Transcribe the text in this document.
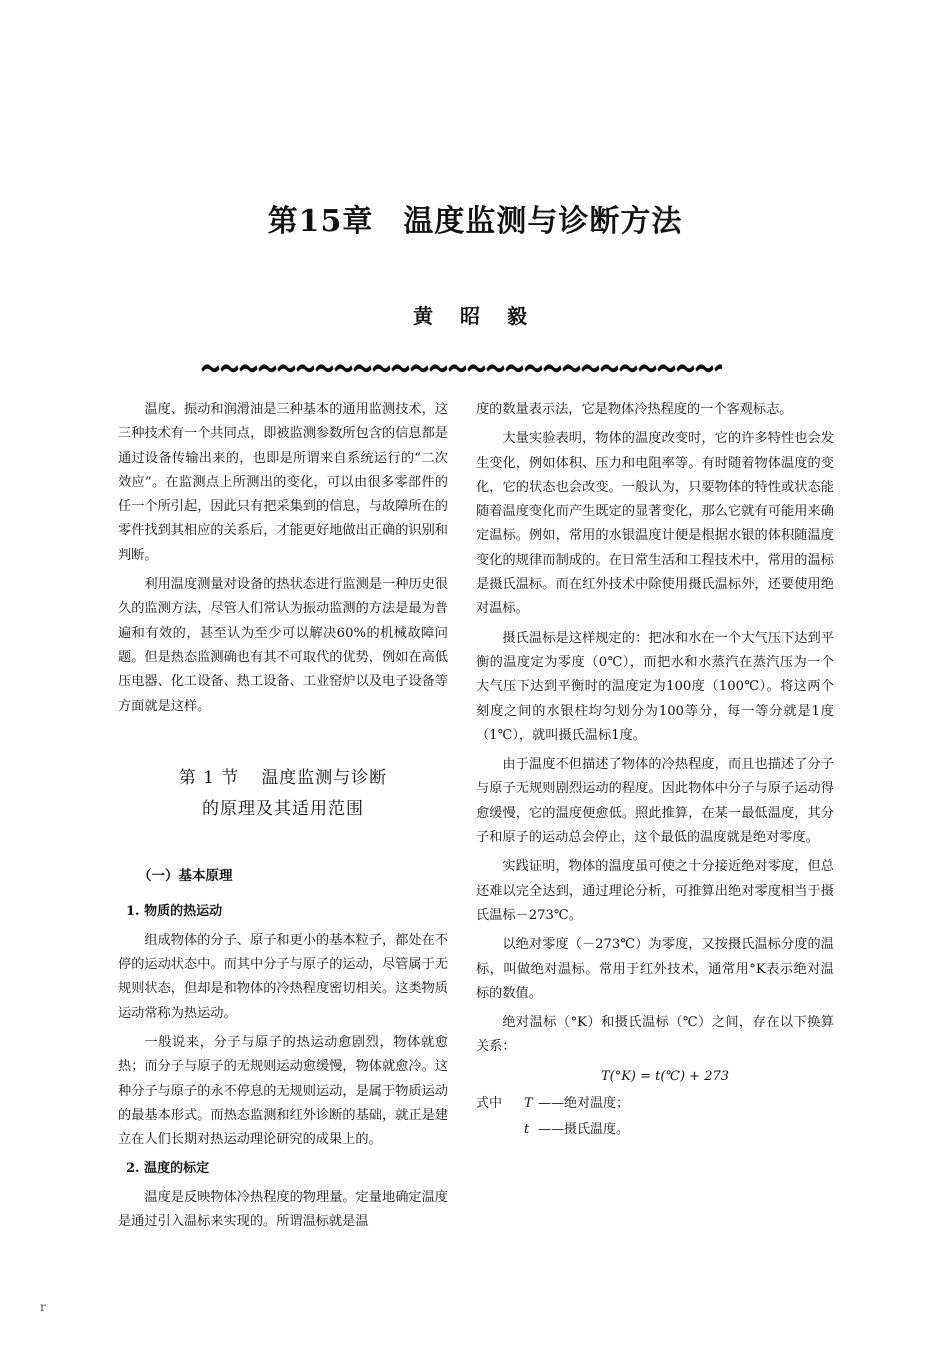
第15章 温度监测与诊断方法
黄 昭 毅

温度、振动和润滑油是三种基本的通用监测技术，这三种技术有一个共同点，即被监测参数所包含的信息都是通过设备传输出来的，也即是所谓来自系统运行的“二次效应”。在监测点上所测出的变化，可以由很多零部件的任一个所引起，因此只有把采集到的信息，与故障所在的零件找到其相应的关系后，才能更好地做出正确的识别和判断。

利用温度测量对设备的热状态进行监测是一种历史很久的监测方法，尽管人们常认为振动监测的方法是最为普遍和有效的，甚至认为至少可以解决60%的机械故障问题。但是热态监测确也有其不可取代的优势，例如在高低压电器、化工设备、热工设备、工业窑炉以及电子设备等方面就是这样。

第 1 节 温度监测与诊断
的原理及其适用范围
（一）基本原理
1. 物质的热运动

组成物体的分子、原子和更小的基本粒子，都处在不停的运动状态中。而其中分子与原子的运动，尽管属于无规则状态，但却是和物体的冷热程度密切相关。这类物质运动常称为热运动。

一般说来，分子与原子的热运动愈剧烈，物体就愈热；而分子与原子的无规则运动愈缓慢，物体就愈冷。这种分子与原子的永不停息的无规则运动，是属于物质运动的最基本形式。而热态监测和红外诊断的基础，就正是建立在人们长期对热运动理论研究的成果上的。

2. 温度的标定

温度是反映物体冷热程度的物理量。定量地确定温度是通过引入温标来实现的。所谓温标就是温

度的数量表示法，它是物体冷热程度的一个客观标志。

大量实验表明，物体的温度改变时，它的许多特性也会发生变化，例如体积、压力和电阻率等。有时随着物体温度的变化，它的状态也会改变。一般认为，只要物体的特性或状态能随着温度变化而产生既定的显著变化，那么它就有可能用来确定温标。例如，常用的水银温度计便是根据水银的体积随温度变化的规律而制成的。在日常生活和工程技术中，常用的温标是摄氏温标。而在红外技术中除使用摄氏温标外，还要使用绝对温标。

摄氏温标是这样规定的：把冰和水在一个大气压下达到平衡的温度定为零度（0℃），而把水和水蒸汽在蒸汽压为一个大气压下达到平衡时的温度定为100度（100℃）。将这两个刻度之间的水银柱均匀划分为100等分，每一等分就是1度（1℃），就叫摄氏温标1度。

由于温度不但描述了物体的冷热程度，而且也描述了分子与原子无规则剧烈运动的程度。因此物体中分子与原子运动得愈缓慢，它的温度便愈低。照此推算，在某一最低温度，其分子和原子的运动总会停止，这个最低的温度就是绝对零度。

实践证明，物体的温度虽可使之十分接近绝对零度，但总还难以完全达到，通过理论分析，可推算出绝对零度相当于摄氏温标－273℃。

以绝对零度（－273℃）为零度，又按摄氏温标分度的温标，叫做绝对温标。常用于红外技术，通常用°K表示绝对温标的数值。

绝对温标（°K）和摄氏温标（℃）之间，存在以下换算关系：

T(°K) = t(℃) + 273
式中 T ——绝对温度；
t ——摄氏温度。
r
